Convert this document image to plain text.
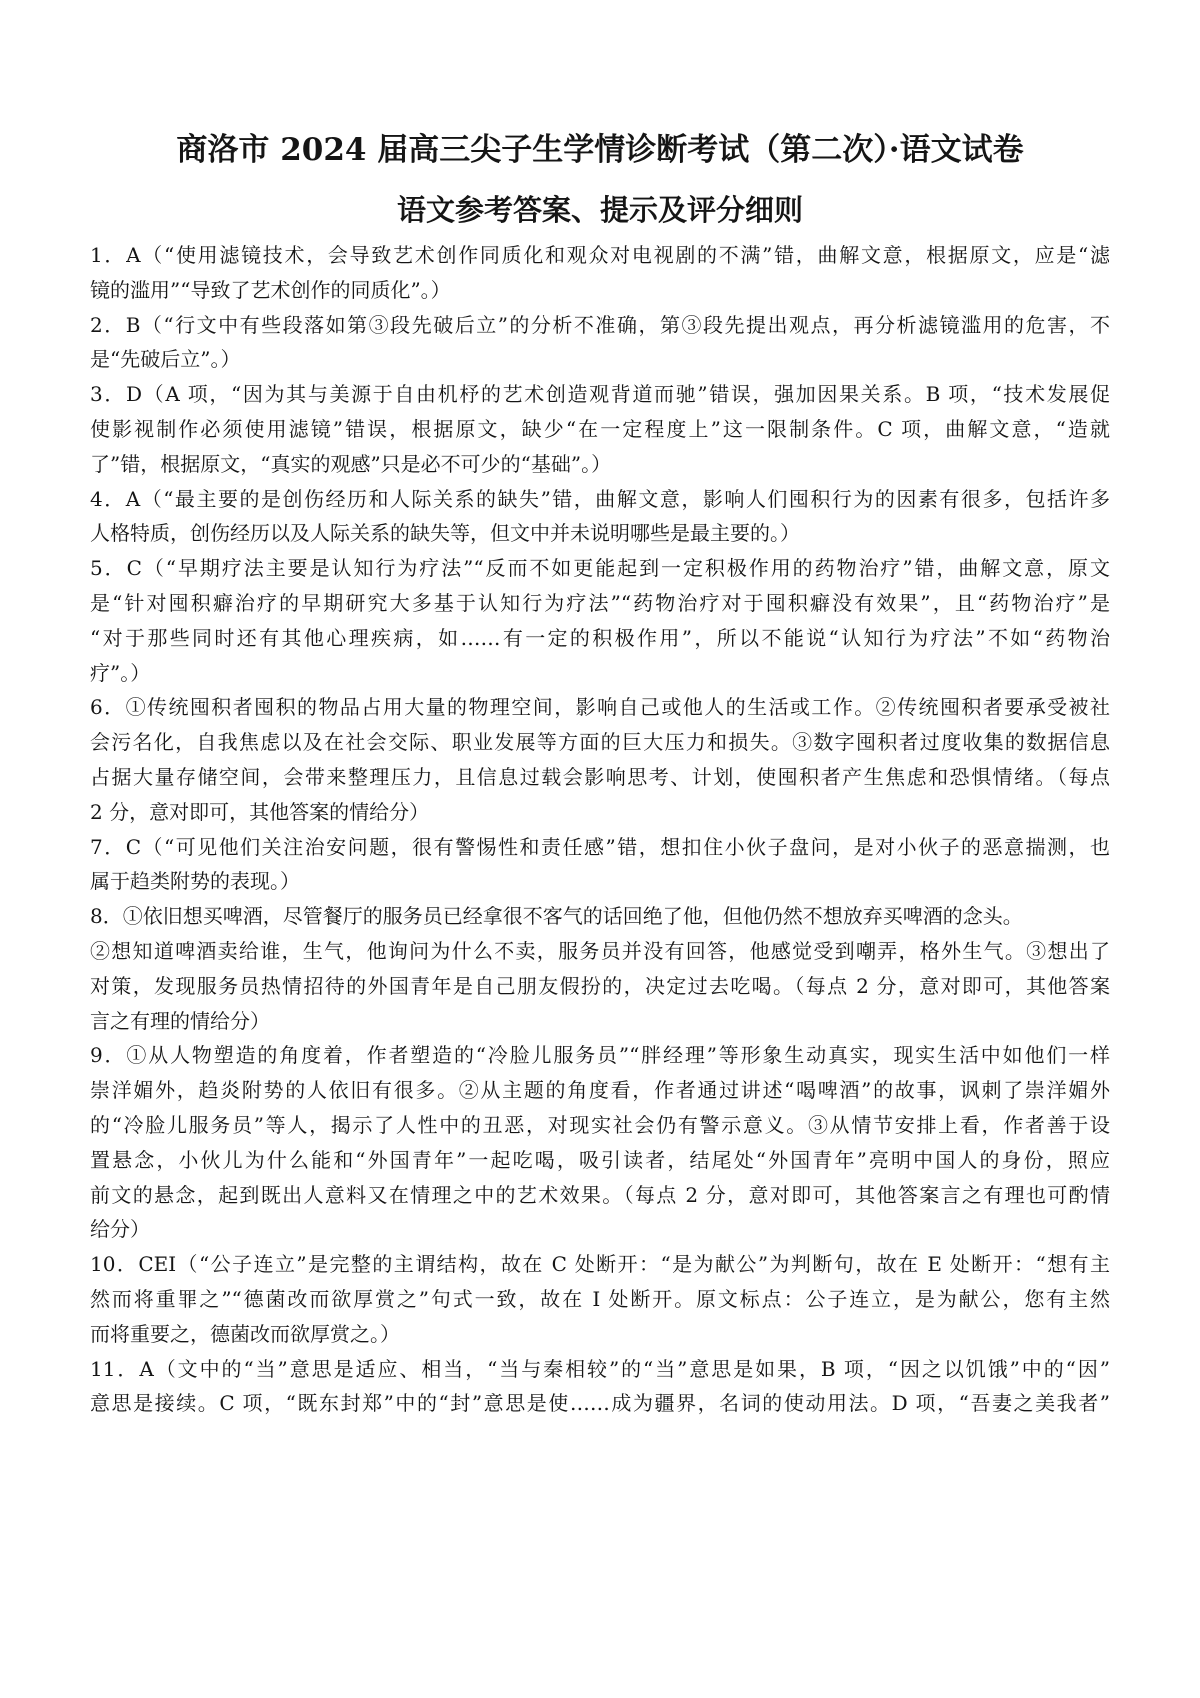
商洛市 2024 届高三尖子生学情诊断考试（第二次）·语文试卷
语文参考答案、提示及评分细则
1．A（“使用滤镜技术，会导致艺术创作同质化和观众对电视剧的不满”错，曲解文意，根据原文，应是“滤
镜的滥用”“导致了艺术创作的同质化”。）
2．B（“行文中有些段落如第③段先破后立”的分析不准确，第③段先提出观点，再分析滤镜滥用的危害，不
是“先破后立”。）
3．D（A 项，“因为其与美源于自由机杼的艺术创造观背道而驰”错误，强加因果关系。B 项，“技术发展促
使影视制作必须使用滤镜”错误，根据原文，缺少“在一定程度上”这一限制条件。C 项，曲解文意，“造就
了”错，根据原文，“真实的观感”只是必不可少的“基础”。）
4．A（“最主要的是创伤经历和人际关系的缺失”错，曲解文意，影响人们囤积行为的因素有很多，包括许多
人格特质，创伤经历以及人际关系的缺失等，但文中并未说明哪些是最主要的。）
5．C（“早期疗法主要是认知行为疗法”“反而不如更能起到一定积极作用的药物治疗”错，曲解文意，原文
是“针对囤积癖治疗的早期研究大多基于认知行为疗法”“药物治疗对于囤积癖没有效果”，且“药物治疗”是
“对于那些同时还有其他心理疾病，如……有一定的积极作用”，所以不能说“认知行为疗法”不如“药物治
疗”。）
6．①传统囤积者囤积的物品占用大量的物理空间，影响自己或他人的生活或工作。②传统囤积者要承受被社
会污名化，自我焦虑以及在社会交际、职业发展等方面的巨大压力和损失。③数字囤积者过度收集的数据信息
占据大量存储空间，会带来整理压力，且信息过载会影响思考、计划，使囤积者产生焦虑和恐惧情绪。（每点
2 分，意对即可，其他答案的情给分）
7．C（“可见他们关注治安问题，很有警惕性和责任感”错，想扣住小伙子盘问，是对小伙子的恶意揣测，也
属于趋类附势的表现。）
8．①依旧想买啤酒，尽管餐厅的服务员已经拿很不客气的话回绝了他，但他仍然不想放弃买啤酒的念头。
②想知道啤酒卖给谁，生气，他询问为什么不卖，服务员并没有回答，他感觉受到嘲弄，格外生气。③想出了
对策，发现服务员热情招待的外国青年是自己朋友假扮的，决定过去吃喝。（每点 2 分，意对即可，其他答案
言之有理的情给分）
9．①从人物塑造的角度着，作者塑造的“冷脸儿服务员”“胖经理”等形象生动真实，现实生活中如他们一样
崇洋媚外，趋炎附势的人依旧有很多。②从主题的角度看，作者通过讲述“喝啤酒”的故事，讽刺了崇洋媚外
的“冷脸儿服务员”等人，揭示了人性中的丑恶，对现实社会仍有警示意义。③从情节安排上看，作者善于设
置悬念，小伙儿为什么能和“外国青年”一起吃喝，吸引读者，结尾处“外国青年”亮明中国人的身份，照应
前文的悬念，起到既出人意料又在情理之中的艺术效果。（每点 2 分，意对即可，其他答案言之有理也可酌情
给分）
10．CEI（“公子连立”是完整的主谓结构，故在 C 处断开：“是为献公”为判断句，故在 E 处断开：“想有主
然而将重罪之”“德菌改而欲厚赏之”句式一致，故在 I 处断开。原文标点：公子连立，是为献公，您有主然
而将重要之，德菌改而欲厚赏之。）
11．A（文中的“当”意思是适应、相当，“当与秦相较”的“当”意思是如果，B 项，“因之以饥饿”中的“因”
意思是接续。C 项，“既东封郑”中的“封”意思是使……成为疆界，名词的使动用法。D 项，“吾妻之美我者”
